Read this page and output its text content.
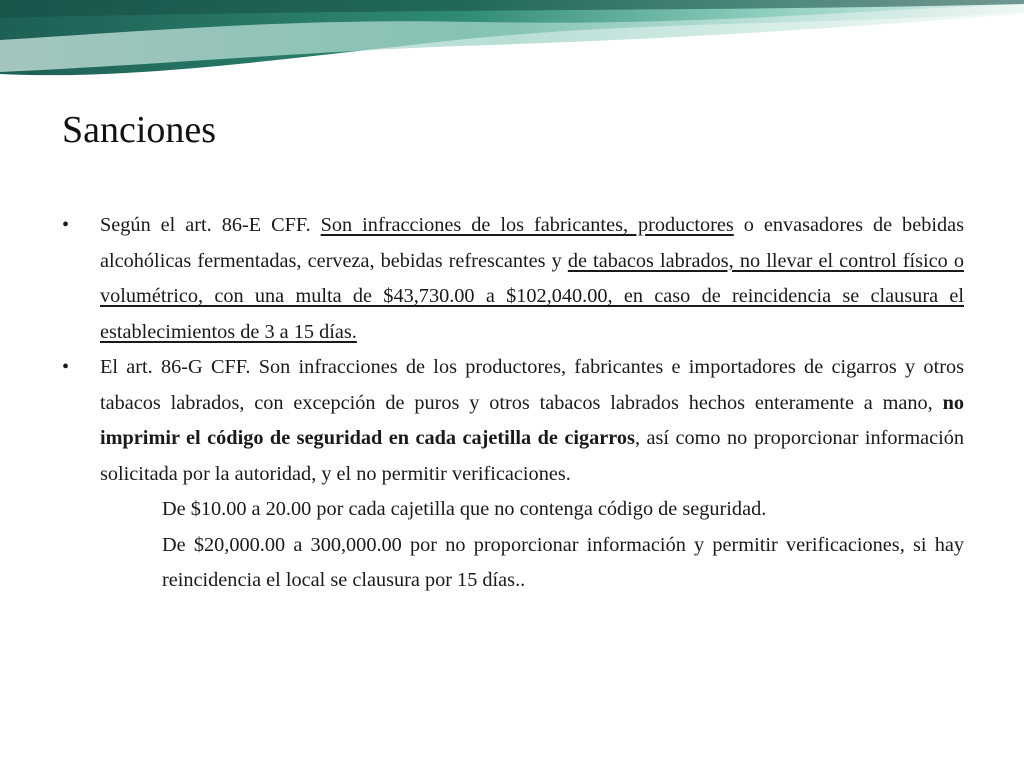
Sanciones
• Según el art. 86-E CFF. Son infracciones de los fabricantes, productores o envasadores de bebidas alcohólicas fermentadas, cerveza, bebidas refrescantes y de tabacos labrados, no llevar el control físico o volumétrico, con una multa de $43,730.00 a $102,040.00, en caso de reincidencia se clausura el establecimientos de 3 a 15 días.
• El art. 86-G CFF. Son infracciones de los productores, fabricantes e importadores de cigarros y otros tabacos labrados, con excepción de puros y otros tabacos labrados hechos enteramente a mano, no imprimir el código de seguridad en cada cajetilla de cigarros, así como no proporcionar información solicitada por la autoridad, y el no permitir verificaciones.
De $10.00 a 20.00 por cada cajetilla que no contenga código de seguridad.
De $20,000.00 a 300,000.00 por no proporcionar información y permitir verificaciones, si hay reincidencia el local se clausura por 15 días..
